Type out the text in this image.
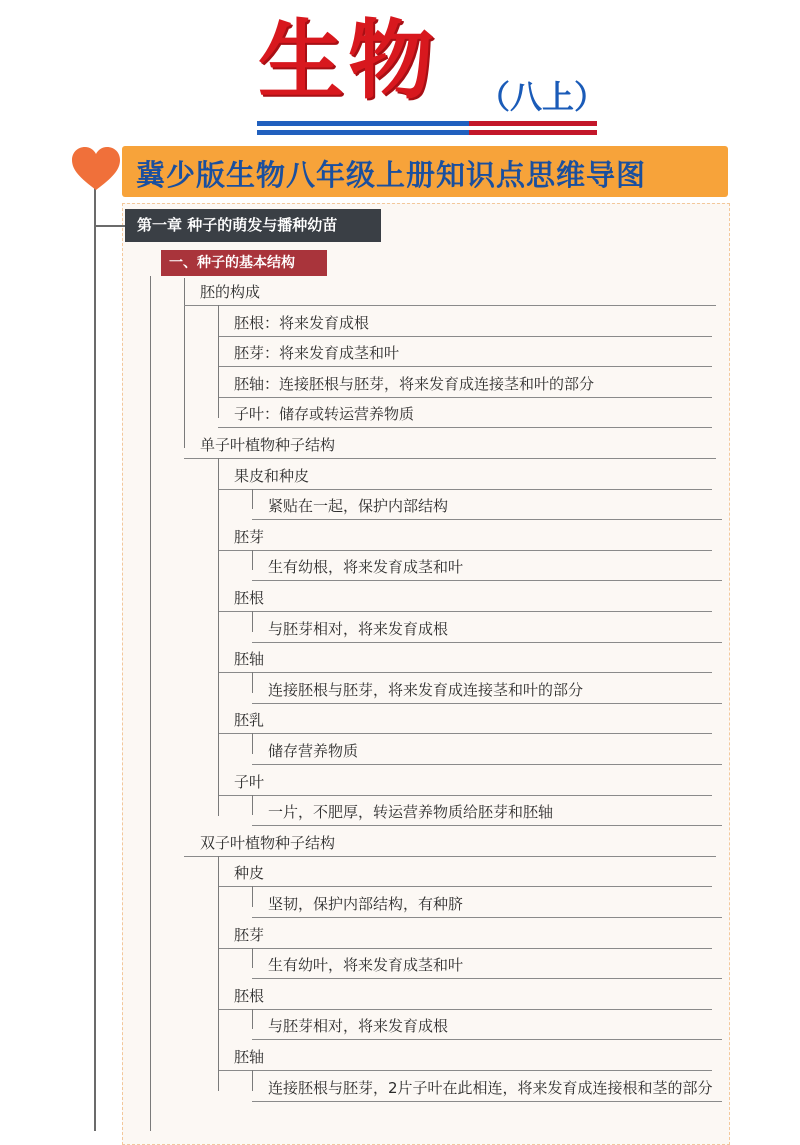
生物 （八上）
冀少版生物八年级上册知识点思维导图
第一章 种子的萌发与播种幼苗
一、种子的基本结构
胚的构成
胚根：将来发育成根
胚芽：将来发育成茎和叶
胚轴：连接胚根与胚芽，将来发育成连接茎和叶的部分
子叶：储存或转运营养物质
单子叶植物种子结构
果皮和种皮
紧贴在一起，保护内部结构
胚芽
生有幼根，将来发育成茎和叶
胚根
与胚芽相对，将来发育成根
胚轴
连接胚根与胚芽，将来发育成连接茎和叶的部分
胚乳
储存营养物质
子叶
一片，不肥厚，转运营养物质给胚芽和胚轴
双子叶植物种子结构
种皮
坚韧，保护内部结构，有种脐
胚芽
生有幼叶，将来发育成茎和叶
胚根
与胚芽相对，将来发育成根
胚轴
连接胚根与胚芽，2片子叶在此相连，将来发育成连接根和茎的部分
